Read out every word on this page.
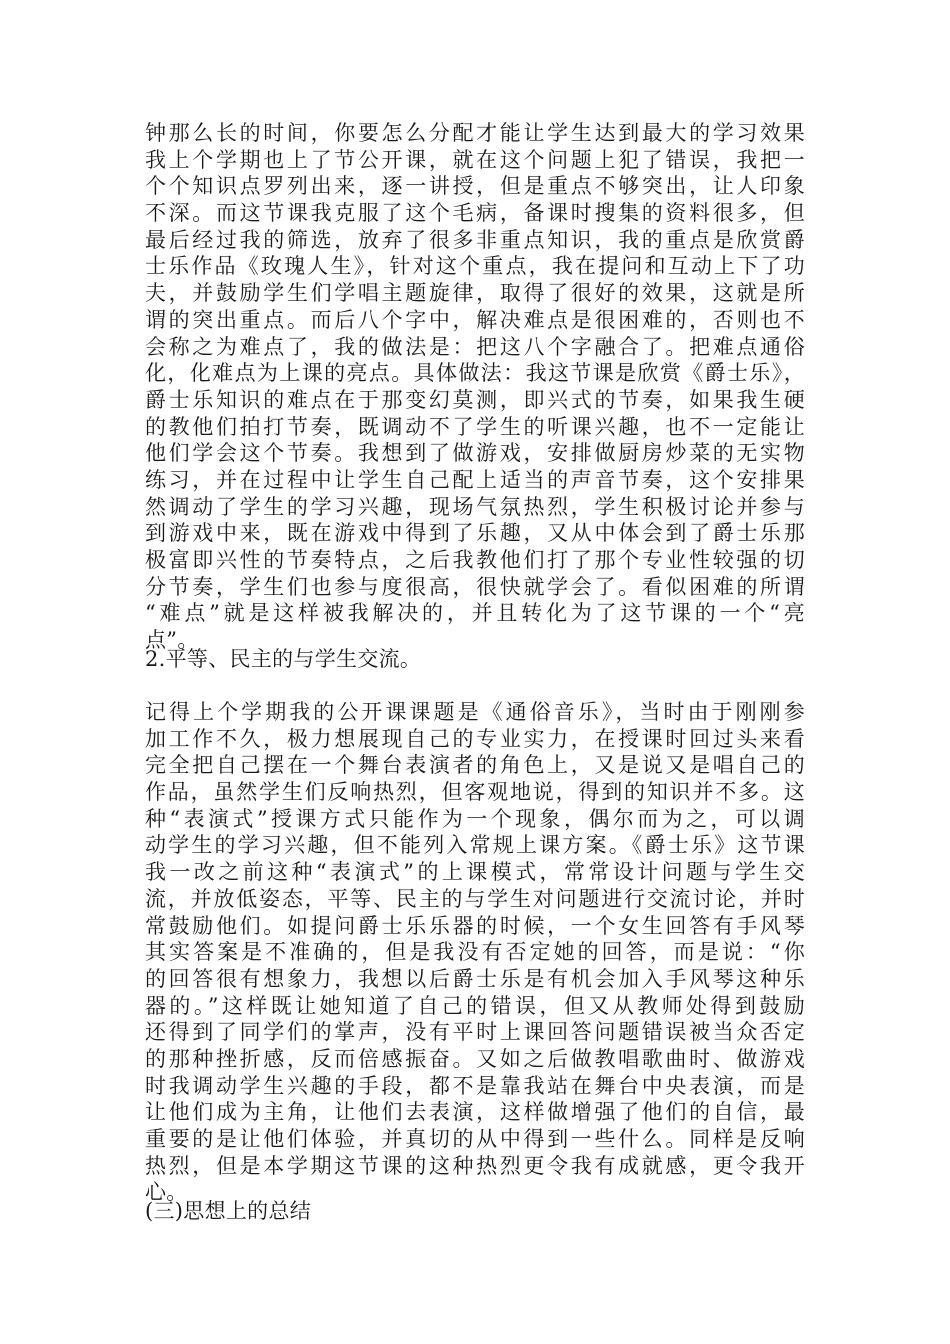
钟那么长的时间，你要怎么分配才能让学生达到最大的学习效果
我上个学期也上了节公开课，就在这个问题上犯了错误，我把一
个个知识点罗列出来，逐一讲授，但是重点不够突出，让人印象
不深。而这节课我克服了这个毛病，备课时搜集的资料很多，但
最后经过我的筛选，放弃了很多非重点知识，我的重点是欣赏爵
士乐作品《玫瑰人生》，针对这个重点，我在提问和互动上下了功
夫，并鼓励学生们学唱主题旋律，取得了很好的效果，这就是所
谓的突出重点。而后八个字中，解决难点是很困难的，否则也不
会称之为难点了，我的做法是：把这八个字融合了。把难点通俗
化，化难点为上课的亮点。具体做法：我这节课是欣赏《爵士乐》，
爵士乐知识的难点在于那变幻莫测，即兴式的节奏，如果我生硬
的教他们拍打节奏，既调动不了学生的听课兴趣，也不一定能让
他们学会这个节奏。我想到了做游戏，安排做厨房炒菜的无实物
练习，并在过程中让学生自己配上适当的声音节奏，这个安排果
然调动了学生的学习兴趣，现场气氛热烈，学生积极讨论并参与
到游戏中来，既在游戏中得到了乐趣，又从中体会到了爵士乐那
极富即兴性的节奏特点，之后我教他们打了那个专业性较强的切
分节奏，学生们也参与度很高，很快就学会了。看似困难的所谓
“难点”就是这样被我解决的，并且转化为了这节课的一个“亮
点”。
2.平等、民主的与学生交流。
记得上个学期我的公开课课题是《通俗音乐》，当时由于刚刚参
加工作不久，极力想展现自己的专业实力，在授课时回过头来看
完全把自己摆在一个舞台表演者的角色上，又是说又是唱自己的
作品，虽然学生们反响热烈，但客观地说，得到的知识并不多。这
种“表演式”授课方式只能作为一个现象，偶尔而为之，可以调
动学生的学习兴趣，但不能列入常规上课方案。《爵士乐》这节课
我一改之前这种“表演式”的上课模式，常常设计问题与学生交
流，并放低姿态，平等、民主的与学生对问题进行交流讨论，并时
常鼓励他们。如提问爵士乐乐器的时候，一个女生回答有手风琴
其实答案是不准确的，但是我没有否定她的回答，而是说：“你
的回答很有想象力，我想以后爵士乐是有机会加入手风琴这种乐
器的。”这样既让她知道了自己的错误，但又从教师处得到鼓励
还得到了同学们的掌声，没有平时上课回答问题错误被当众否定
的那种挫折感，反而倍感振奋。又如之后做教唱歌曲时、做游戏
时我调动学生兴趣的手段，都不是靠我站在舞台中央表演，而是
让他们成为主角，让他们去表演，这样做增强了他们的自信，最
重要的是让他们体验，并真切的从中得到一些什么。同样是反响
热烈，但是本学期这节课的这种热烈更令我有成就感，更令我开
心。
(三)思想上的总结
